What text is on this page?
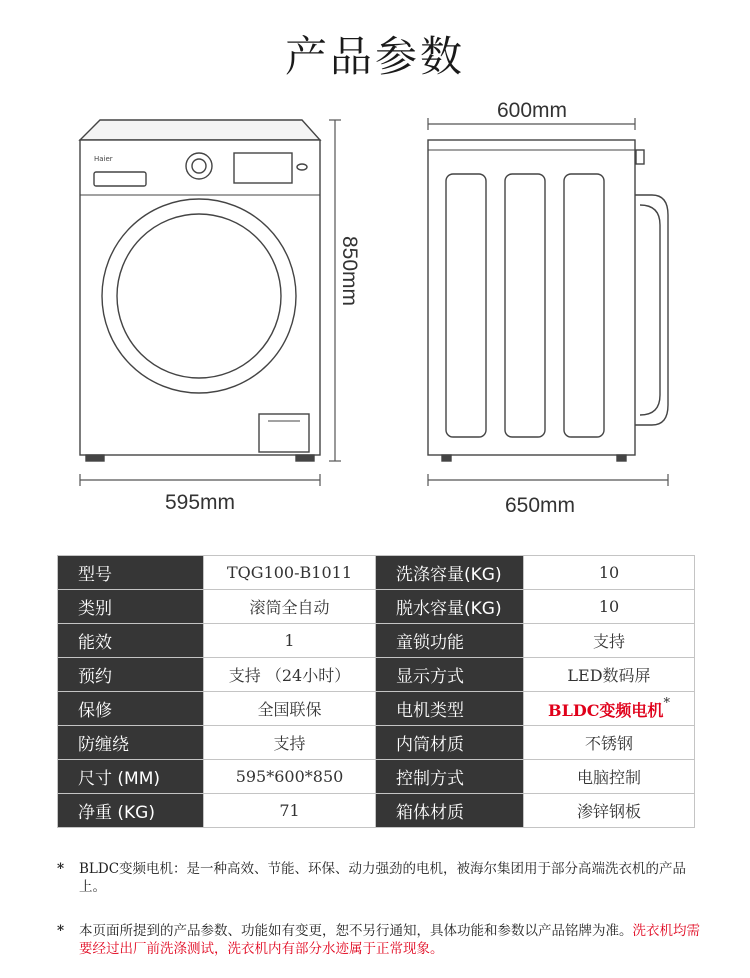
产品参数
Haier
850mm
595mm
600mm
650mm
型号	TQG100-B1011	洗涤容量(KG)	10
类别	滚筒全自动	脱水容量(KG)	10
能效	1	童锁功能	支持
预约	支持 （24小时）	显示方式	LED数码屏
保修	全国联保	电机类型	BLDC变频电机*
防缠绕	支持	内筒材质	不锈钢
尺寸 (MM)	595*600*850	控制方式	电脑控制
净重 (KG)	71	箱体材质	渗锌钢板
*	BLDC变频电机：是一种高效、节能、环保、动力强劲的电机，被海尔集团用于部分高端洗衣机的产品上。
*	本页面所提到的产品参数、功能如有变更，恕不另行通知，具体功能和参数以产品铭牌为准。洗衣机均需要经过出厂前洗涤测试，洗衣机内有部分水迹属于正常现象。
